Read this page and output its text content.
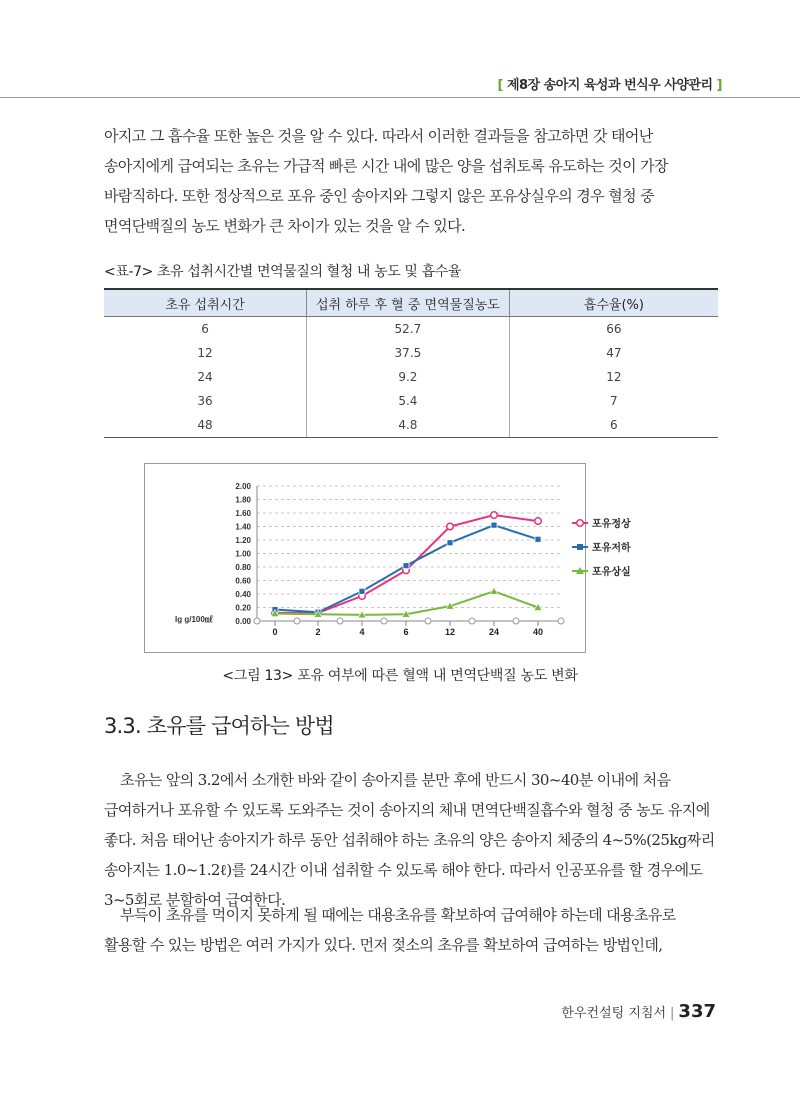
[ 제8장 송아지 육성과 번식우 사양관리 ]

아지고 그 흡수율 또한 높은 것을 알 수 있다. 따라서 이러한 결과들을 참고하면 갓 태어난 송아지에게 급여되는 초유는 가급적 빠른 시간 내에 많은 양을 섭취토록 유도하는 것이 가장 바람직하다. 또한 정상적으로 포유 중인 송아지와 그렇지 않은 포유상실우의 경우 혈청 중 면역단백질의 농도 변화가 큰 차이가 있는 것을 알 수 있다.

<표-7> 초유 섭취시간별 면역물질의 혈청 내 농도 및 흡수율
초유 섭취시간	섭취 하루 후 혈 중 면역물질농도	흡수율(%)
6	52.7	66
12	37.5	47
24	9.2	12
36	5.4	7
48	4.8	6
2.00
1.80
1.60
1.40
1.20
1.00
0.80
0.60
0.40
0.20
0.00
Ig g/100㎖
0	2	4	6	12	24	40
포유정상
포유저하
포유상실
<그림 13> 포유 여부에 따른 혈액 내 면역단백질 농도 변화
3.3. 초유를 급여하는 방법

초유는 앞의 3.2에서 소개한 바와 같이 송아지를 분만 후에 반드시 30~40분 이내에 처음 급여하거나 포유할 수 있도록 도와주는 것이 송아지의 체내 면역단백질흡수와 혈청 중 농도 유지에 좋다. 처음 태어난 송아지가 하루 동안 섭취해야 하는 초유의 양은 송아지 체중의 4~5%(25kg짜리 송아지는 1.0~1.2ℓ)를 24시간 이내 섭취할 수 있도록 해야 한다. 따라서 인공포유를 할 경우에도 3~5회로 분할하여 급여한다.

부득이 초유를 먹이지 못하게 될 때에는 대용초유를 확보하여 급여해야 하는데 대용초유로 활용할 수 있는 방법은 여러 가지가 있다. 먼저 젖소의 초유를 확보하여 급여하는 방법인데,

한우컨설팅 지침서 | 337
